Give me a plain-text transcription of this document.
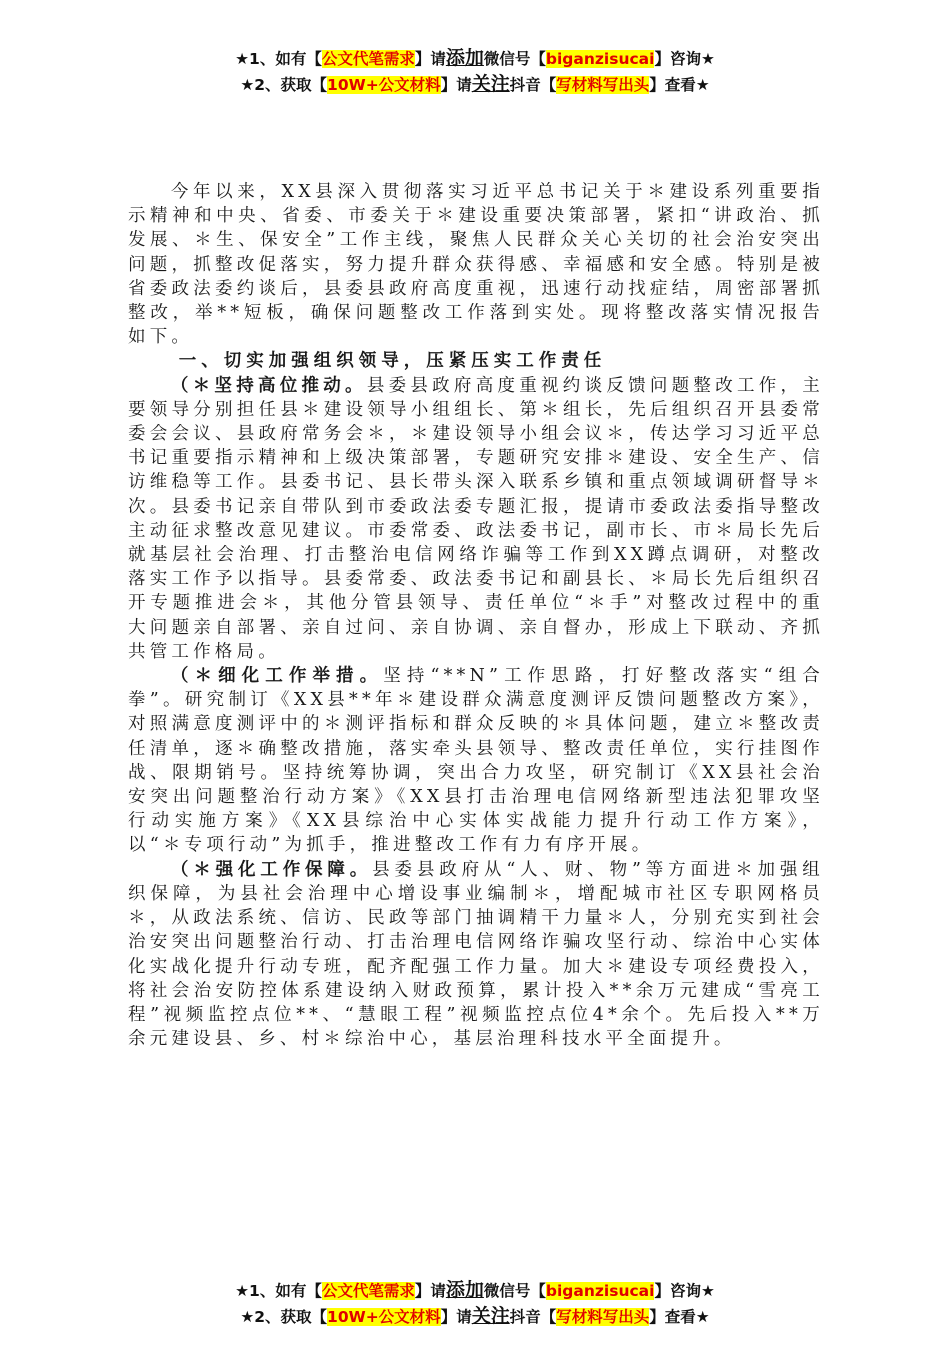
★1、如有【公文代笔需求】请添加微信号【biganzisucai】咨询★
★2、获取【10W+公文材料】请关注抖音【写材料写出头】查看★

今年以来，XX县深入贯彻落实习近平总书记关于＊建设系列重要指示精神和中央、省委、市委关于＊建设重要决策部署，紧扣“讲政治、抓发展、＊生、保安全”工作主线，聚焦人民群众关心关切的社会治安突出问题，抓整改促落实，努力提升群众获得感、幸福感和安全感。特别是被省委政法委约谈后，县委县政府高度重视，迅速行动找症结，周密部署抓整改，举**短板，确保问题整改工作落到实处。现将整改落实情况报告如下。

一、切实加强组织领导，压紧压实工作责任

（＊坚持高位推动。县委县政府高度重视约谈反馈问题整改工作，主要领导分别担任县＊建设领导小组组长、第＊组长，先后组织召开县委常委会会议、县政府常务会＊，＊建设领导小组会议＊，传达学习习近平总书记重要指示精神和上级决策部署，专题研究安排＊建设、安全生产、信访维稳等工作。县委书记、县长带头深入联系乡镇和重点领域调研督导＊次。县委书记亲自带队到市委政法委专题汇报，提请市委政法委指导整改主动征求整改意见建议。市委常委、政法委书记，副市长、市＊局长先后就基层社会治理、打击整治电信网络诈骗等工作到XX蹲点调研，对整改落实工作予以指导。县委常委、政法委书记和副县长、＊局长先后组织召开专题推进会＊，其他分管县领导、责任单位“＊手”对整改过程中的重大问题亲自部署、亲自过问、亲自协调、亲自督办，形成上下联动、齐抓共管工作格局。

（＊细化工作举措。坚持“**N”工作思路，打好整改落实“组合拳”。研究制订《XX县**年＊建设群众满意度测评反馈问题整改方案》，对照满意度测评中的＊测评指标和群众反映的＊具体问题，建立＊整改责任清单，逐＊确整改措施，落实牵头县领导、整改责任单位，实行挂图作战、限期销号。坚持统筹协调，突出合力攻坚，研究制订《XX县社会治安突出问题整治行动方案》《XX县打击治理电信网络新型违法犯罪攻坚行动实施方案》《XX县综治中心实体实战能力提升行动工作方案》，以“＊专项行动”为抓手，推进整改工作有力有序开展。

（＊强化工作保障。县委县政府从“人、财、物”等方面进＊加强组织保障，为县社会治理中心增设事业编制＊，增配城市社区专职网格员＊，从政法系统、信访、民政等部门抽调精干力量＊人，分别充实到社会治安突出问题整治行动、打击治理电信网络诈骗攻坚行动、综治中心实体化实战化提升行动专班，配齐配强工作力量。加大＊建设专项经费投入，将社会治安防控体系建设纳入财政预算，累计投入**余万元建成“雪亮工程”视频监控点位**、“慧眼工程”视频监控点位4*余个。先后投入**万余元建设县、乡、村＊综治中心，基层治理科技水平全面提升。

★1、如有【公文代笔需求】请添加微信号【biganzisucai】咨询★
★2、获取【10W+公文材料】请关注抖音【写材料写出头】查看★
